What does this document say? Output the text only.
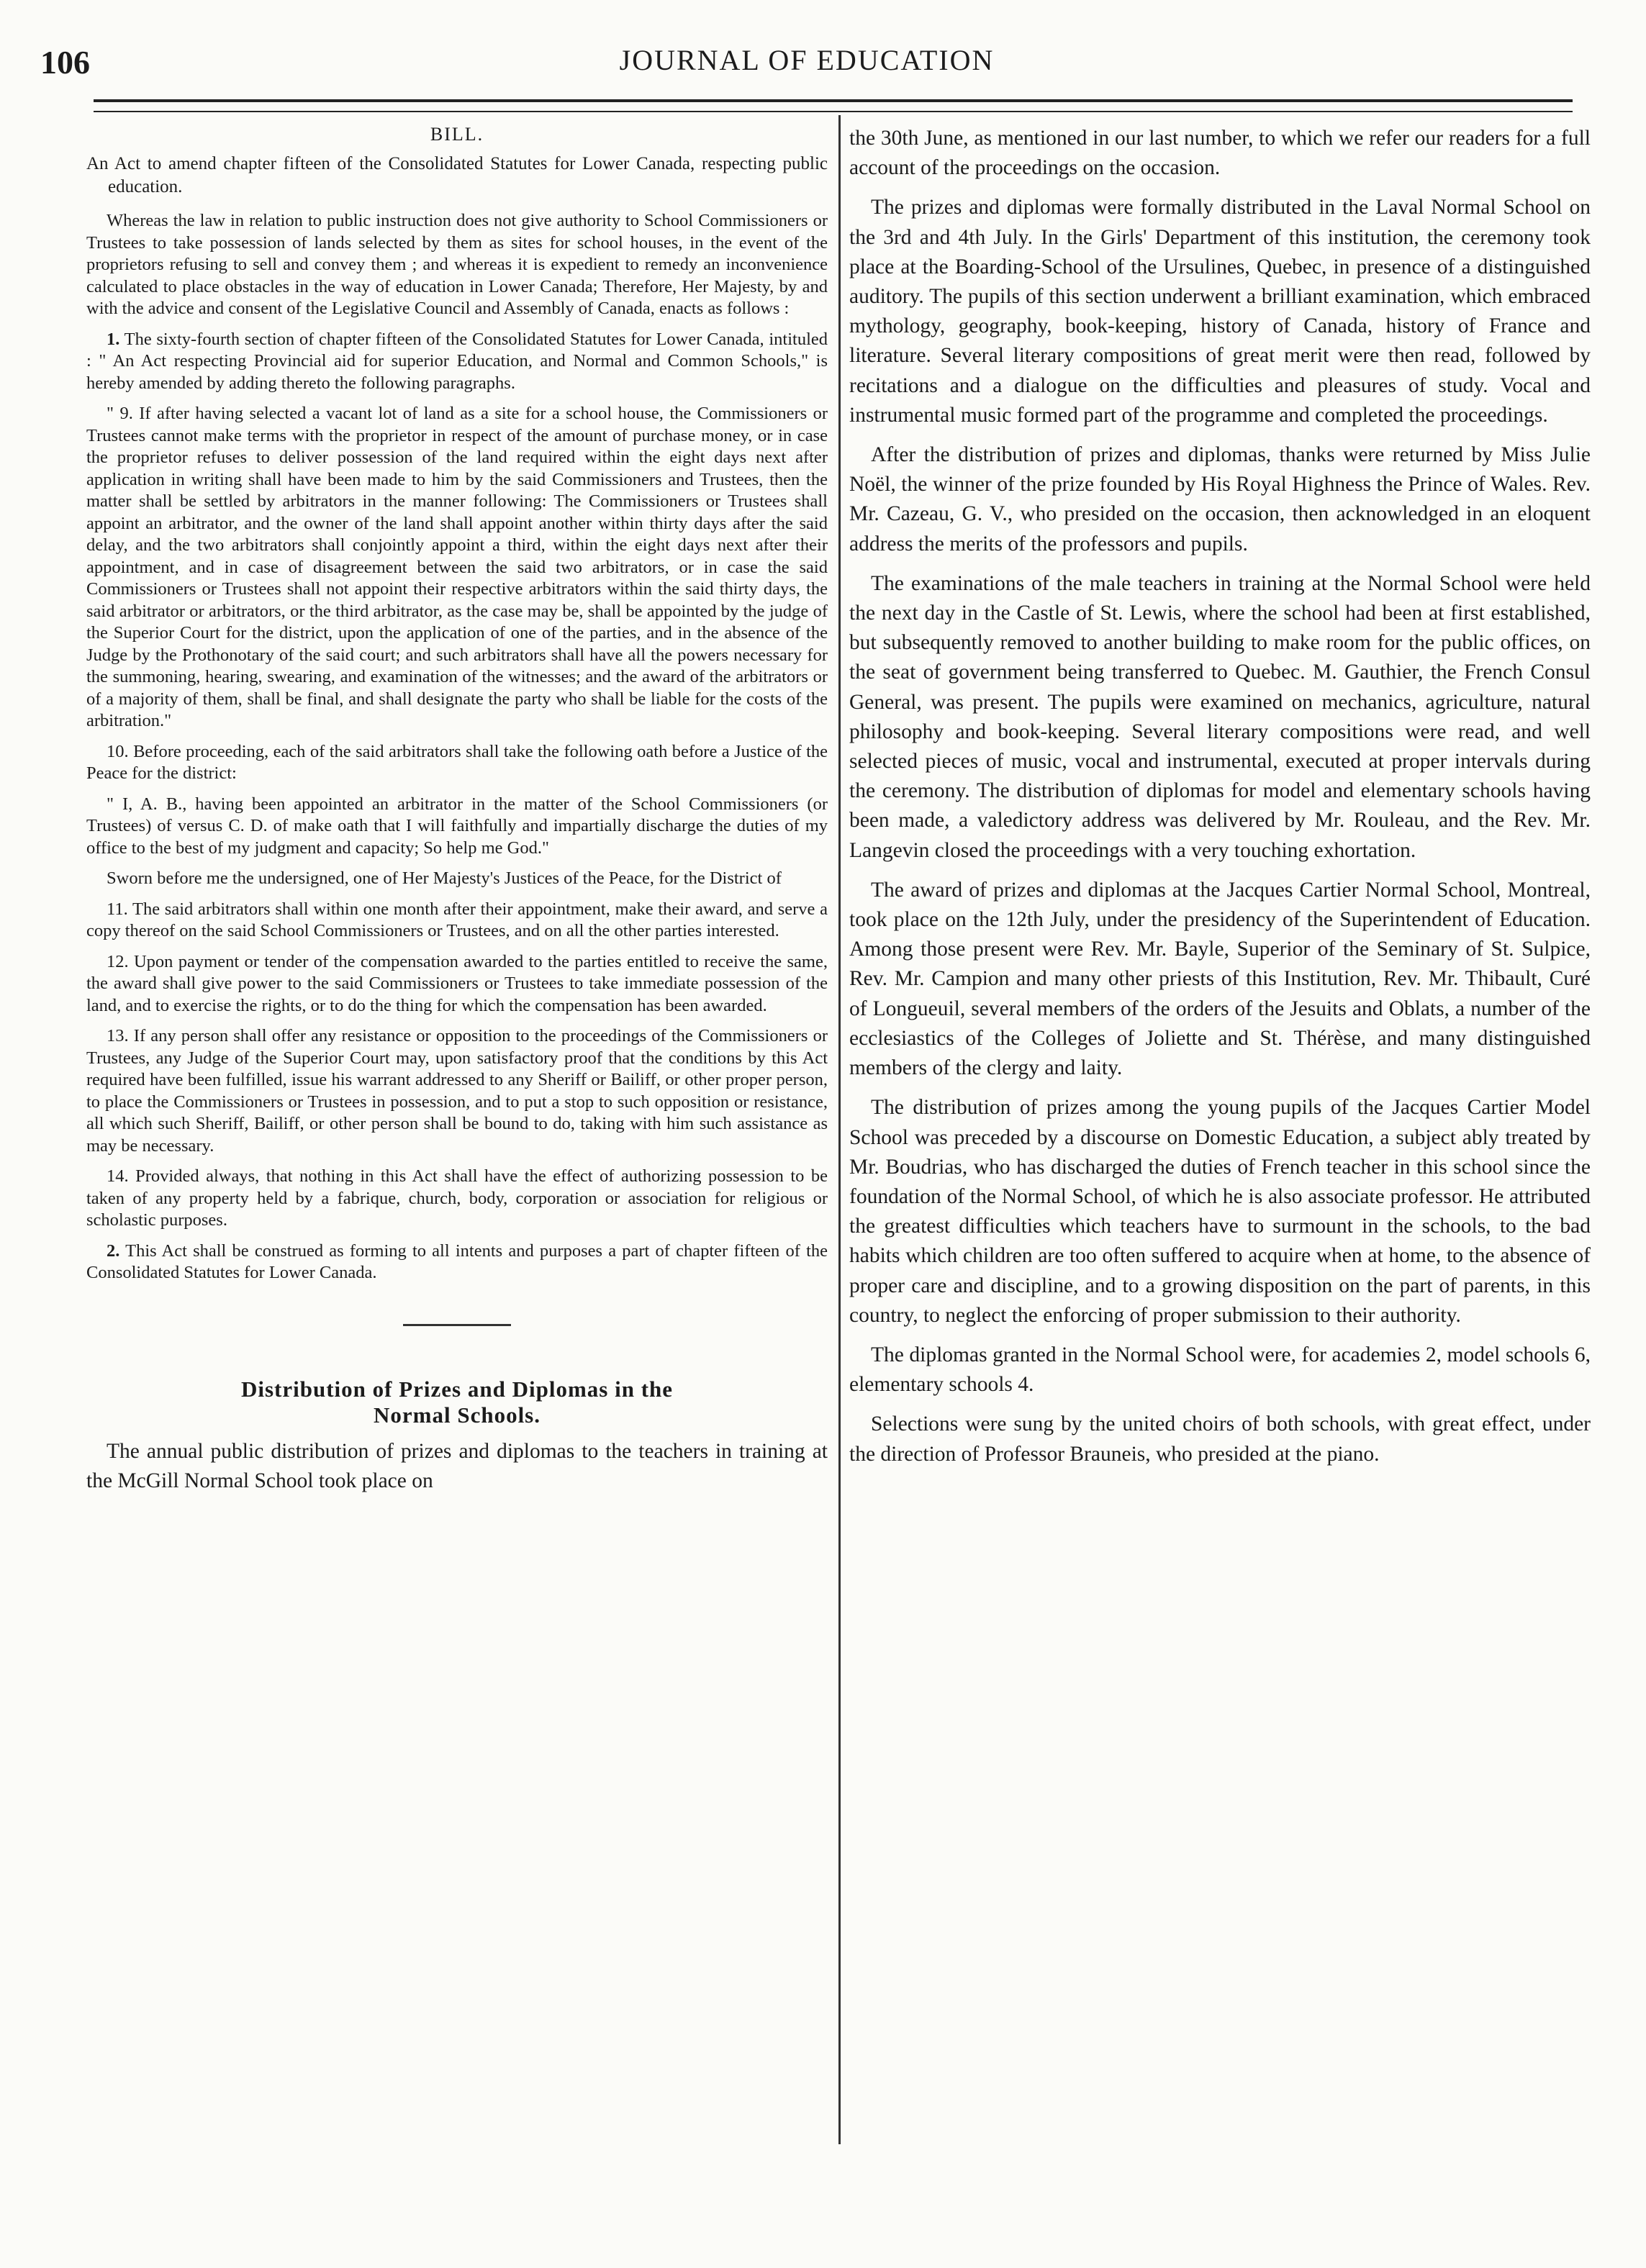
106	JOURNAL OF EDUCATION
BILL.
An Act to amend chapter fifteen of the Consolidated Statutes for Lower Canada, respecting public education.

Whereas the law in relation to public instruction does not give authority to School Commissioners or Trustees to take possession of lands selected by them as sites for school houses, in the event of the proprietors refusing to sell and convey them ; and whereas it is expedient to remedy an inconvenience calculated to place obstacles in the way of education in Lower Canada; Therefore, Her Majesty, by and with the advice and consent of the Legislative Council and Assembly of Canada, enacts as follows :

1. The sixty-fourth section of chapter fifteen of the Consolidated Statutes for Lower Canada, intituled : " An Act respecting Provincial aid for superior Education, and Normal and Common Schools," is hereby amended by adding thereto the following paragraphs.

" 9. If after having selected a vacant lot of land as a site for a school house, the Commissioners or Trustees cannot make terms with the proprietor in respect of the amount of purchase money, or in case the proprietor refuses to deliver possession of the land required within the eight days next after application in writing shall have been made to him by the said Commissioners and Trustees, then the matter shall be settled by arbitrators in the manner following: The Commissioners or Trustees shall appoint an arbitrator, and the owner of the land shall appoint another within thirty days after the said delay, and the two arbitrators shall conjointly appoint a third, within the eight days next after their appointment, and in case of disagreement between the said two arbitrators, or in case the said Commissioners or Trustees shall not appoint their respective arbitrators within the said thirty days, the said arbitrator or arbitrators, or the third arbitrator, as the case may be, shall be appointed by the judge of the Superior Court for the district, upon the application of one of the parties, and in the absence of the Judge by the Prothonotary of the said court; and such arbitrators shall have all the powers necessary for the summoning, hearing, swearing, and examination of the witnesses; and the award of the arbitrators or of a majority of them, shall be final, and shall designate the party who shall be liable for the costs of the arbitration."

10. Before proceeding, each of the said arbitrators shall take the following oath before a Justice of the Peace for the district:

" I, A. B., having been appointed an arbitrator in the matter of the School Commissioners (or Trustees) of versus C. D. of make oath that I will faithfully and impartially discharge the duties of my office to the best of my judgment and capacity; So help me God."

Sworn before me the undersigned, one of Her Majesty's Justices of the Peace, for the District of

11. The said arbitrators shall within one month after their appointment, make their award, and serve a copy thereof on the said School Commissioners or Trustees, and on all the other parties interested.

12. Upon payment or tender of the compensation awarded to the parties entitled to receive the same, the award shall give power to the said Commissioners or Trustees to take immediate possession of the land, and to exercise the rights, or to do the thing for which the compensation has been awarded.

13. If any person shall offer any resistance or opposition to the proceedings of the Commissioners or Trustees, any Judge of the Superior Court may, upon satisfactory proof that the conditions by this Act required have been fulfilled, issue his warrant addressed to any Sheriff or Bailiff, or other proper person, to place the Commissioners or Trustees in possession, and to put a stop to such opposition or resistance, all which such Sheriff, Bailiff, or other person shall be bound to do, taking with him such assistance as may be necessary.

14. Provided always, that nothing in this Act shall have the effect of authorizing possession to be taken of any property held by a fabrique, church, body, corporation or association for religious or scholastic purposes.

2. This Act shall be construed as forming to all intents and purposes a part of chapter fifteen of the Consolidated Statutes for Lower Canada.

Distribution of Prizes and Diplomas in the
Normal Schools.

The annual public distribution of prizes and diplomas to the teachers in training at the McGill Normal School took place on

the 30th June, as mentioned in our last number, to which we refer our readers for a full account of the proceedings on the occasion.

The prizes and diplomas were formally distributed in the Laval Normal School on the 3rd and 4th July. In the Girls' Department of this institution, the ceremony took place at the Boarding-School of the Ursulines, Quebec, in presence of a distinguished auditory. The pupils of this section underwent a brilliant examination, which embraced mythology, geography, book-keeping, history of Canada, history of France and literature. Several literary compositions of great merit were then read, followed by recitations and a dialogue on the difficulties and pleasures of study. Vocal and instrumental music formed part of the programme and completed the proceedings.

After the distribution of prizes and diplomas, thanks were returned by Miss Julie Noël, the winner of the prize founded by His Royal Highness the Prince of Wales. Rev. Mr. Cazeau, G. V., who presided on the occasion, then acknowledged in an eloquent address the merits of the professors and pupils.

The examinations of the male teachers in training at the Normal School were held the next day in the Castle of St. Lewis, where the school had been at first established, but subsequently removed to another building to make room for the public offices, on the seat of government being transferred to Quebec. M. Gauthier, the French Consul General, was present. The pupils were examined on mechanics, agriculture, natural philosophy and book-keeping. Several literary compositions were read, and well selected pieces of music, vocal and instrumental, executed at proper intervals during the ceremony. The distribution of diplomas for model and elementary schools having been made, a valedictory address was delivered by Mr. Rouleau, and the Rev. Mr. Langevin closed the proceedings with a very touching exhortation.

The award of prizes and diplomas at the Jacques Cartier Normal School, Montreal, took place on the 12th July, under the presidency of the Superintendent of Education. Among those present were Rev. Mr. Bayle, Superior of the Seminary of St. Sulpice, Rev. Mr. Campion and many other priests of this Institution, Rev. Mr. Thibault, Curé of Longueuil, several members of the orders of the Jesuits and Oblats, a number of the ecclesiastics of the Colleges of Joliette and St. Thérèse, and many distinguished members of the clergy and laity.

The distribution of prizes among the young pupils of the Jacques Cartier Model School was preceded by a discourse on Domestic Education, a subject ably treated by Mr. Boudrias, who has discharged the duties of French teacher in this school since the foundation of the Normal School, of which he is also associate professor. He attributed the greatest difficulties which teachers have to surmount in the schools, to the bad habits which children are too often suffered to acquire when at home, to the absence of proper care and discipline, and to a growing disposition on the part of parents, in this country, to neglect the enforcing of proper submission to their authority.

The diplomas granted in the Normal School were, for academies 2, model schools 6, elementary schools 4.

Selections were sung by the united choirs of both schools, with great effect, under the direction of Professor Brauneis, who presided at the piano.
